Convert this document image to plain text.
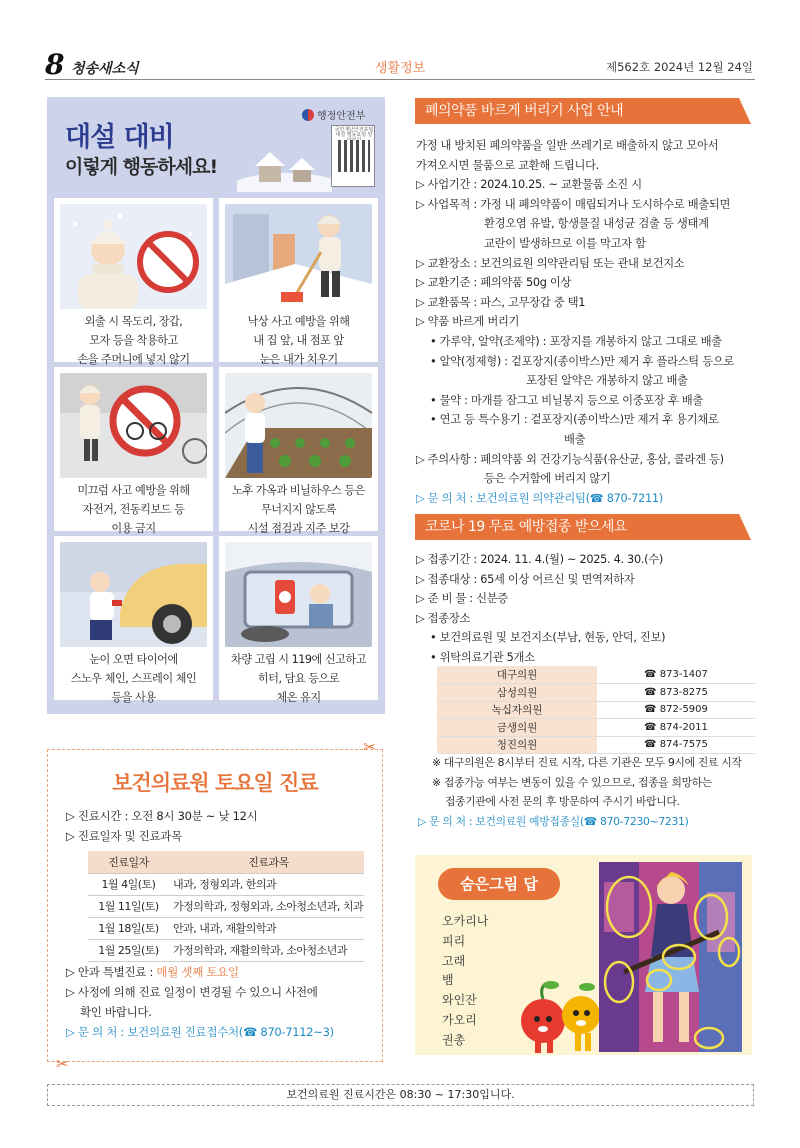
8 청송새소식	생활정보	제562호 2024년 12월 24일
대설 대비
이렇게 행동하세요!
행정안전부
국민재난안전포털 대설 행동요령 알
외출 시 목도리, 장갑,
모자 등을 착용하고
손을 주머니에 넣지 않기
낙상 사고 예방을 위해
내 집 앞, 내 점포 앞
눈은 내가 치우기
미끄럼 사고 예방을 위해
자전거, 전동킥보드 등
이용 금지
노후 가옥과 비닐하우스 등은
무너지지 않도록
시설 점검과 지주 보강
눈이 오면 타이어에
스노우 체인, 스프레이 체인
등을 사용
차량 고립 시 119에 신고하고
히터, 담요 등으로
체온 유지
폐의약품 바르게 버리기 사업 안내
가정 내 방치된 폐의약품을 일반 쓰레기로 배출하지 않고 모아서
가져오시면 물품으로 교환해 드립니다.
▷ 사업기간 : 2024.10.25. ~ 교환물품 소진 시
▷ 사업목적 : 가정 내 폐의약품이 매립되거나 도시하수로 배출되면
환경오염 유발, 항생물질 내성균 검출 등 생태계
교란이 발생하므로 이를 막고자 함
▷ 교환장소 : 보건의료원 의약관리팀 또는 관내 보건지소
▷ 교환기준 : 폐의약품 50g 이상
▷ 교환품목 : 파스, 고무장갑 중 택1
▷ 약품 바르게 버리기
• 가루약, 알약(조제약) : 포장지를 개봉하지 않고 그대로 배출
• 알약(정제형) : 겉포장지(종이박스)만 제거 후 플라스틱 등으로
포장된 알약은 개봉하지 않고 배출
• 물약 : 마개를 잠그고 비닐봉지 등으로 이중포장 후 배출
• 연고 등 특수용기 : 겉포장지(종이박스)만 제거 후 용기채로
배출
▷ 주의사항 : 폐의약품 외 건강기능식품(유산균, 홍삼, 콜라겐 등)
등은 수거함에 버리지 않기
▷ 문 의 처 : 보건의료원 의약관리팀(☎ 870-7211)
코로나 19 무료 예방접종 받으세요
▷ 접종기간 : 2024. 11. 4.(월) ~ 2025. 4. 30.(수)
▷ 접종대상 : 65세 이상 어르신 및 면역저하자
▷ 준 비 물 : 신분증
▷ 접종장소
• 보건의료원 및 보건지소(부남, 현동, 안덕, 진보)
• 위탁의료기관 5개소
대구의원	☎ 873-1407
삼성의원	☎ 873-8275
녹십자의원	☎ 872-5909
금생의원	☎ 874-2011
청진의원	☎ 874-7575
※ 대구의원은 8시부터 진료 시작, 다른 기관은 모두 9시에 진료 시작
※ 접종가능 여부는 변동이 있을 수 있으므로, 접종을 희망하는
접종기관에 사전 문의 후 방문하여 주시기 바랍니다.
▷ 문 의 처 : 보건의료원 예방접종실(☎ 870-7230~7231)
✂
✂
보건의료원 토요일 진료
▷ 진료시간 : 오전 8시 30분 ~ 낮 12시
▷ 진료일자 및 진료과목
진료일자	진료과목
1월 4일(토)	내과, 정형외과, 한의과
1월 11일(토)	가정의학과, 정형외과, 소아청소년과, 치과
1월 18일(토)	안과, 내과, 재활의학과
1월 25일(토)	가정의학과, 재활의학과, 소아청소년과
▷ 안과 특별진료 : 매월 셋째 토요일
▷ 사정에 의해 진료 일정이 변경될 수 있으니 사전에
확인 바랍니다.
▷ 문 의 처 : 보건의료원 진료접수처(☎ 870-7112~3)
숨은그림 답
오카리나
피리
고래
뱀
와인잔
가오리
권총
보건의료원 진료시간은 08:30 ~ 17:30입니다.
